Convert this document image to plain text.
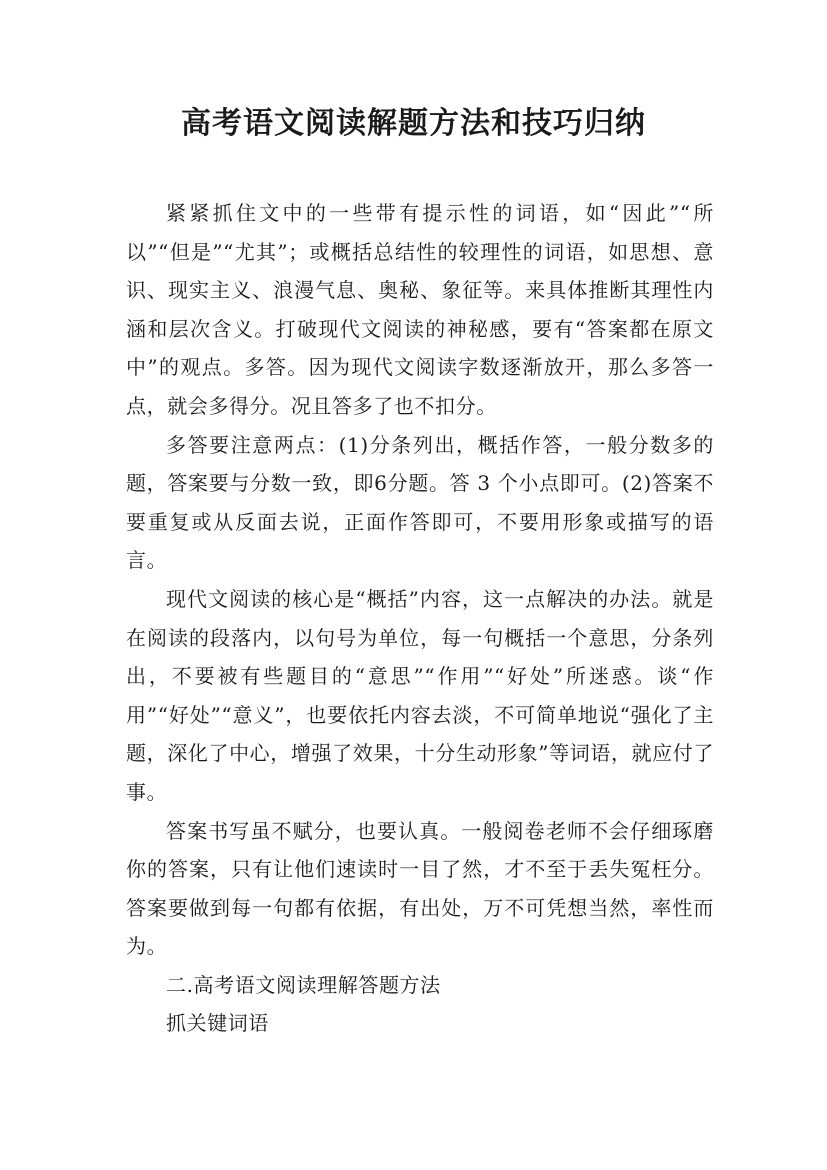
高考语文阅读解题方法和技巧归纳

紧紧抓住文中的一些带有提示性的词语，如“因此”“所以”“但是”“尤其”；或概括总结性的较理性的词语，如思想、意识、现实主义、浪漫气息、奥秘、象征等。来具体推断其理性内涵和层次含义。打破现代文阅读的神秘感，要有“答案都在原文中”的观点。多答。因为现代文阅读字数逐渐放开，那么多答一点，就会多得分。况且答多了也不扣分。

多答要注意两点：(1)分条列出，概括作答，一般分数多的题，答案要与分数一致，即6分题。答 3 个小点即可。(2)答案不要重复或从反面去说，正面作答即可，不要用形象或描写的语言。

现代文阅读的核心是“概括”内容，这一点解决的办法。就是在阅读的段落内，以句号为单位，每一句概括一个意思，分条列出，不要被有些题目的“意思”“作用”“好处”所迷惑。谈“作用”“好处”“意义”，也要依托内容去淡，不可简单地说“强化了主题，深化了中心，增强了效果，十分生动形象”等词语，就应付了事。

答案书写虽不赋分，也要认真。一般阅卷老师不会仔细琢磨你的答案，只有让他们速读时一目了然，才不至于丢失冤枉分。答案要做到每一句都有依据，有出处，万不可凭想当然，率性而为。

二.高考语文阅读理解答题方法

抓关键词语
